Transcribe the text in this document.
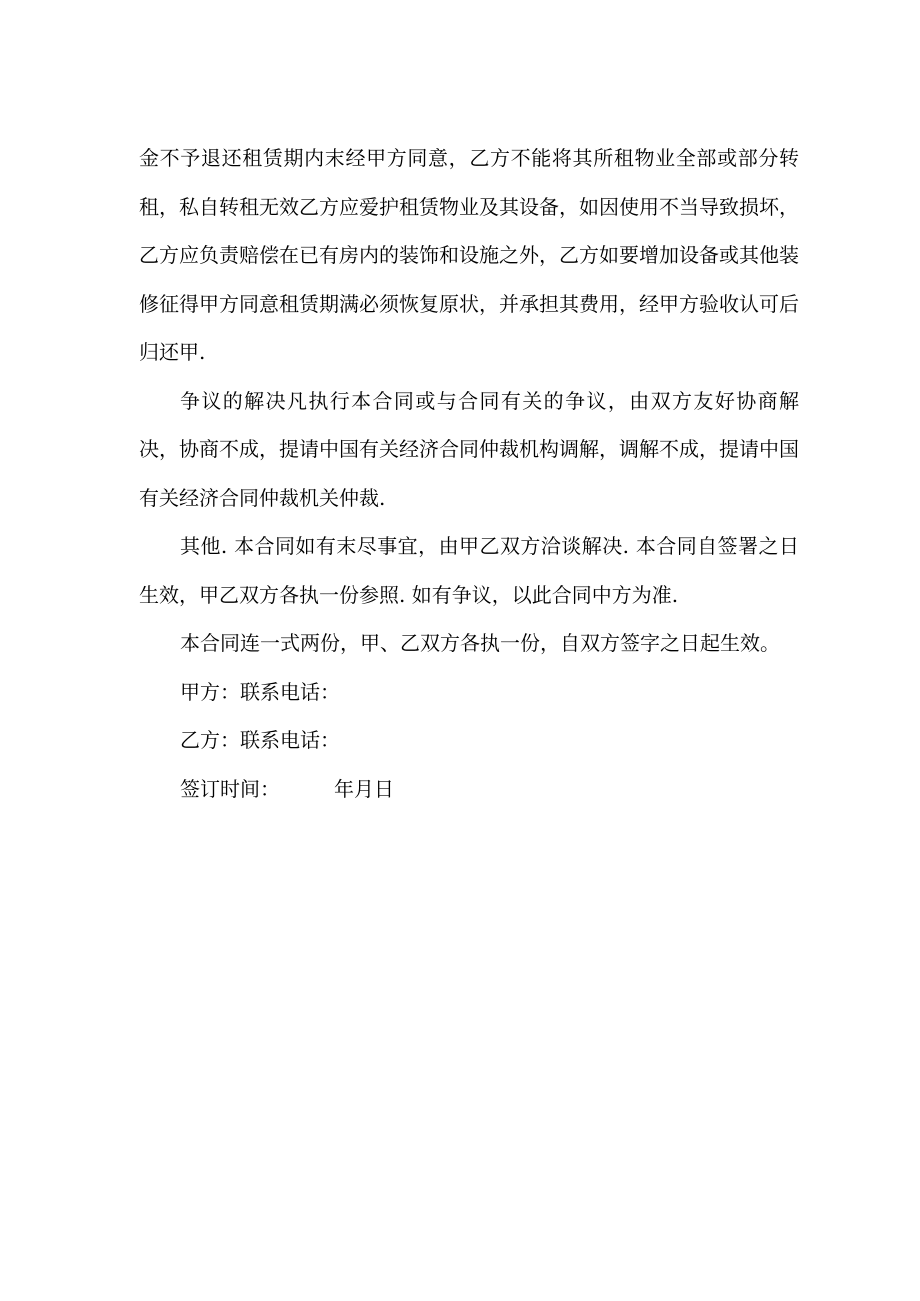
金不予退还租赁期内末经甲方同意，乙方不能将其所租物业全部或部分转租，私自转租无效乙方应爱护租赁物业及其设备，如因使用不当导致损坏，乙方应负责赔偿在已有房内的装饰和设施之外，乙方如要增加设备或其他装修征得甲方同意租赁期满必须恢复原状，并承担其费用，经甲方验收认可后归还甲.

争议的解决凡执行本合同或与合同有关的争议，由双方友好协商解决，协商不成，提请中国有关经济合同仲裁机构调解，调解不成，提请中国有关经济合同仲裁机关仲裁.

其他. 本合同如有末尽事宜，由甲乙双方洽谈解决. 本合同自签署之日生效，甲乙双方各执一份参照. 如有争议，以此合同中方为准.

本合同连一式两份，甲、乙双方各执一份，自双方签字之日起生效。

甲方：联系电话：

乙方：联系电话：

签订时间：	年月日
